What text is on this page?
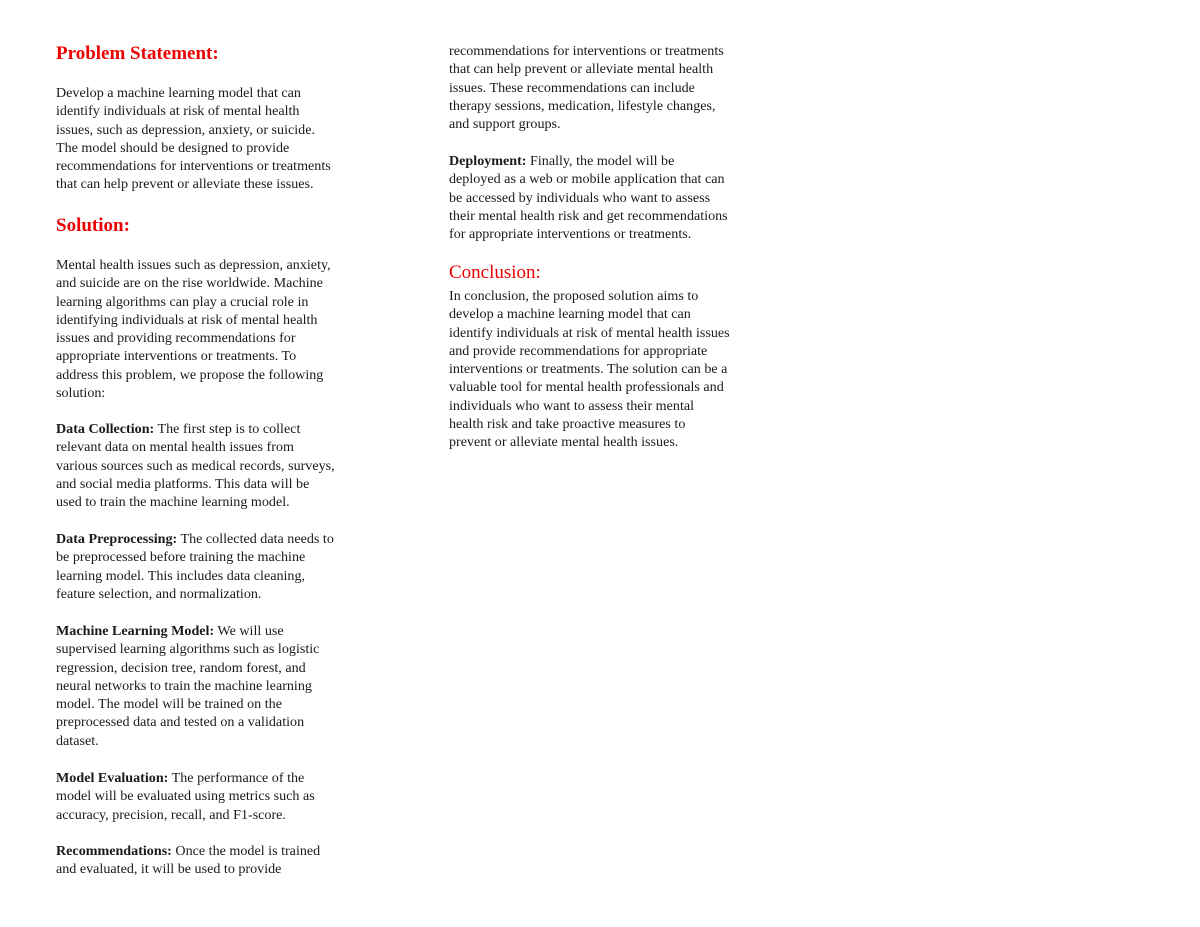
Problem Statement:
Develop a machine learning model that can
identify individuals at risk of mental health
issues, such as depression, anxiety, or suicide.
The model should be designed to provide
recommendations for interventions or treatments
that can help prevent or alleviate these issues.
Solution:
Mental health issues such as depression, anxiety,
and suicide are on the rise worldwide. Machine
learning algorithms can play a crucial role in
identifying individuals at risk of mental health
issues and providing recommendations for
appropriate interventions or treatments. To
address this problem, we propose the following
solution:
Data Collection: The first step is to collect
relevant data on mental health issues from
various sources such as medical records, surveys,
and social media platforms. This data will be
used to train the machine learning model.
Data Preprocessing: The collected data needs to
be preprocessed before training the machine
learning model. This includes data cleaning,
feature selection, and normalization.
Machine Learning Model: We will use
supervised learning algorithms such as logistic
regression, decision tree, random forest, and
neural networks to train the machine learning
model. The model will be trained on the
preprocessed data and tested on a validation
dataset.
Model Evaluation: The performance of the
model will be evaluated using metrics such as
accuracy, precision, recall, and F1-score.
Recommendations: Once the model is trained
and evaluated, it will be used to provide
recommendations for interventions or treatments
that can help prevent or alleviate mental health
issues. These recommendations can include
therapy sessions, medication, lifestyle changes,
and support groups.
Deployment: Finally, the model will be
deployed as a web or mobile application that can
be accessed by individuals who want to assess
their mental health risk and get recommendations
for appropriate interventions or treatments.
Conclusion:
In conclusion, the proposed solution aims to
develop a machine learning model that can
identify individuals at risk of mental health issues
and provide recommendations for appropriate
interventions or treatments. The solution can be a
valuable tool for mental health professionals and
individuals who want to assess their mental
health risk and take proactive measures to
prevent or alleviate mental health issues.
